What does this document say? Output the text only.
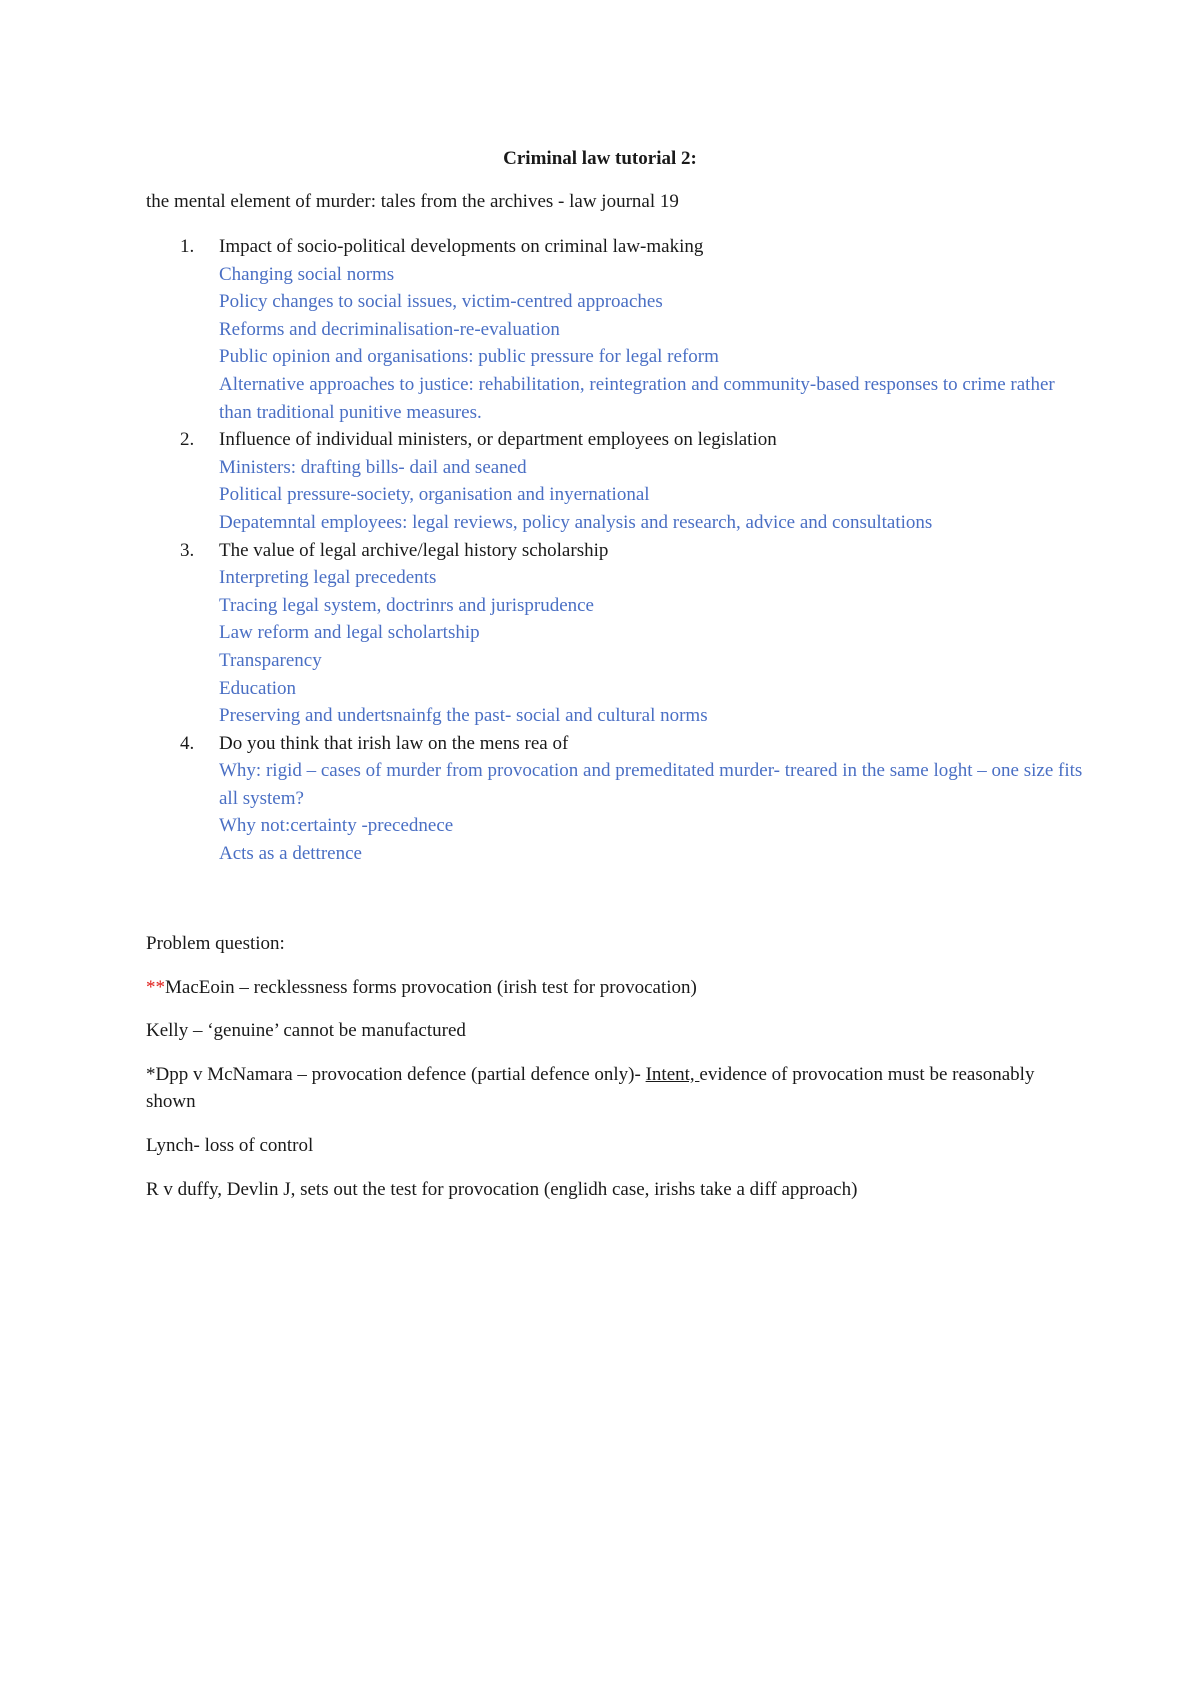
Criminal law tutorial 2:
the mental element of murder: tales from the archives - law journal 19
1. Impact of socio-political developments on criminal law-making
Changing social norms
Policy changes to social issues, victim-centred approaches
Reforms and decriminalisation-re-evaluation
Public opinion and organisations: public pressure for legal reform
Alternative approaches to justice: rehabilitation, reintegration and community-based responses to crime rather than traditional punitive measures.
2. Influence of individual ministers, or department employees on legislation
Ministers: drafting bills- dail and seaned
Political pressure-society, organisation and inyernational
Depatemntal employees: legal reviews, policy analysis and research, advice and consultations
3. The value of legal archive/legal history scholarship
Interpreting legal precedents
Tracing legal system, doctrinrs and jurisprudence
Law reform and legal scholartship
Transparency
Education
Preserving and undertsnainfg the past- social and cultural norms
4. Do you think that irish law on the mens rea of
Why: rigid – cases of murder from provocation and premeditated murder- treared in the same loght – one size fits all system?
Why not:certainty -precednece
Acts as a dettrence

Problem question:

**MacEoin – recklessness forms provocation (irish test for provocation)

Kelly – ‘genuine’ cannot be manufactured

*Dpp v McNamara – provocation defence (partial defence only)- Intent, evidence of provocation must be reasonably shown

Lynch- loss of control

R v duffy, Devlin J, sets out the test for provocation (englidh case, irishs take a diff approach)
